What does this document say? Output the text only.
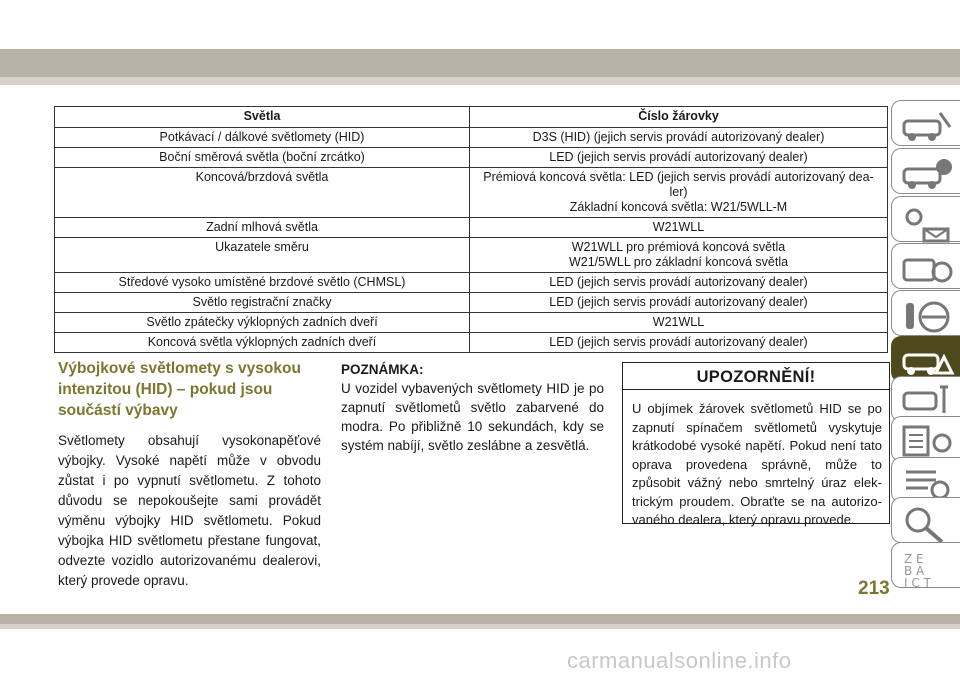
Světla	Číslo žárovky
Potkávací / dálkové světlomety (HID)	D3S (HID) (jejich servis provádí autorizovaný dealer)

Boční směrová světla (boční zrcátko)	LED (jejich servis provádí autorizovaný dealer)

Koncová/brzdová světla	Prémiová koncová světla: LED (jejich servis provádí autorizovaný dea-
ler)
Základní koncová světla: W21/5WLL-M

Zadní mlhová světla	W21WLL

Ukazatele směru	W21WLL pro prémiová koncová světla
W21/5WLL pro základní koncová světla

Středové vysoko umístěné brzdové světlo (CHMSL)	LED (jejich servis provádí autorizovaný dealer)

Světlo registrační značky	LED (jejich servis provádí autorizovaný dealer)

Světlo zpátečky výklopných zadních dveří	W21WLL

Koncová světla výklopných zadních dveří	LED (jejich servis provádí autorizovaný dealer)
Výbojkové světlomety s vysokou intenzitou (HID) – pokud jsou součástí výbavy

Světlomety obsahují vysokonapěťové výbojky. Vysoké napětí může v obvodu zůstat i po vypnutí světlometu. Z tohoto důvodu se nepokoušejte sami provádět výměnu výbojky HID světlometu. Pokud výbojka HID světlometu přestane fungovat, odvezte vozidlo autorizovanému dealerovi, který provede opravu.

POZNÁMKA:

U vozidel vybavených světlomety HID je po zapnutí světlometů světlo zabarvené do modra. Po přibližně 10 sekundách, kdy se systém nabíjí, světlo zeslábne a zesvětlá.

UPOZORNĚNÍ!

U objímek žárovek světlometů HID se po zapnutí spínačem světlometů vyskytuje krátkodobé vysoké napětí. Pokud není tato oprava provedena správně, může to způsobit vážný nebo smrtelný úraz elektrickým proudem. Obraťte se na autorizovaného dealera, který opravu provede.

Z E
B A
I C T
213
carmanualsonline.info
